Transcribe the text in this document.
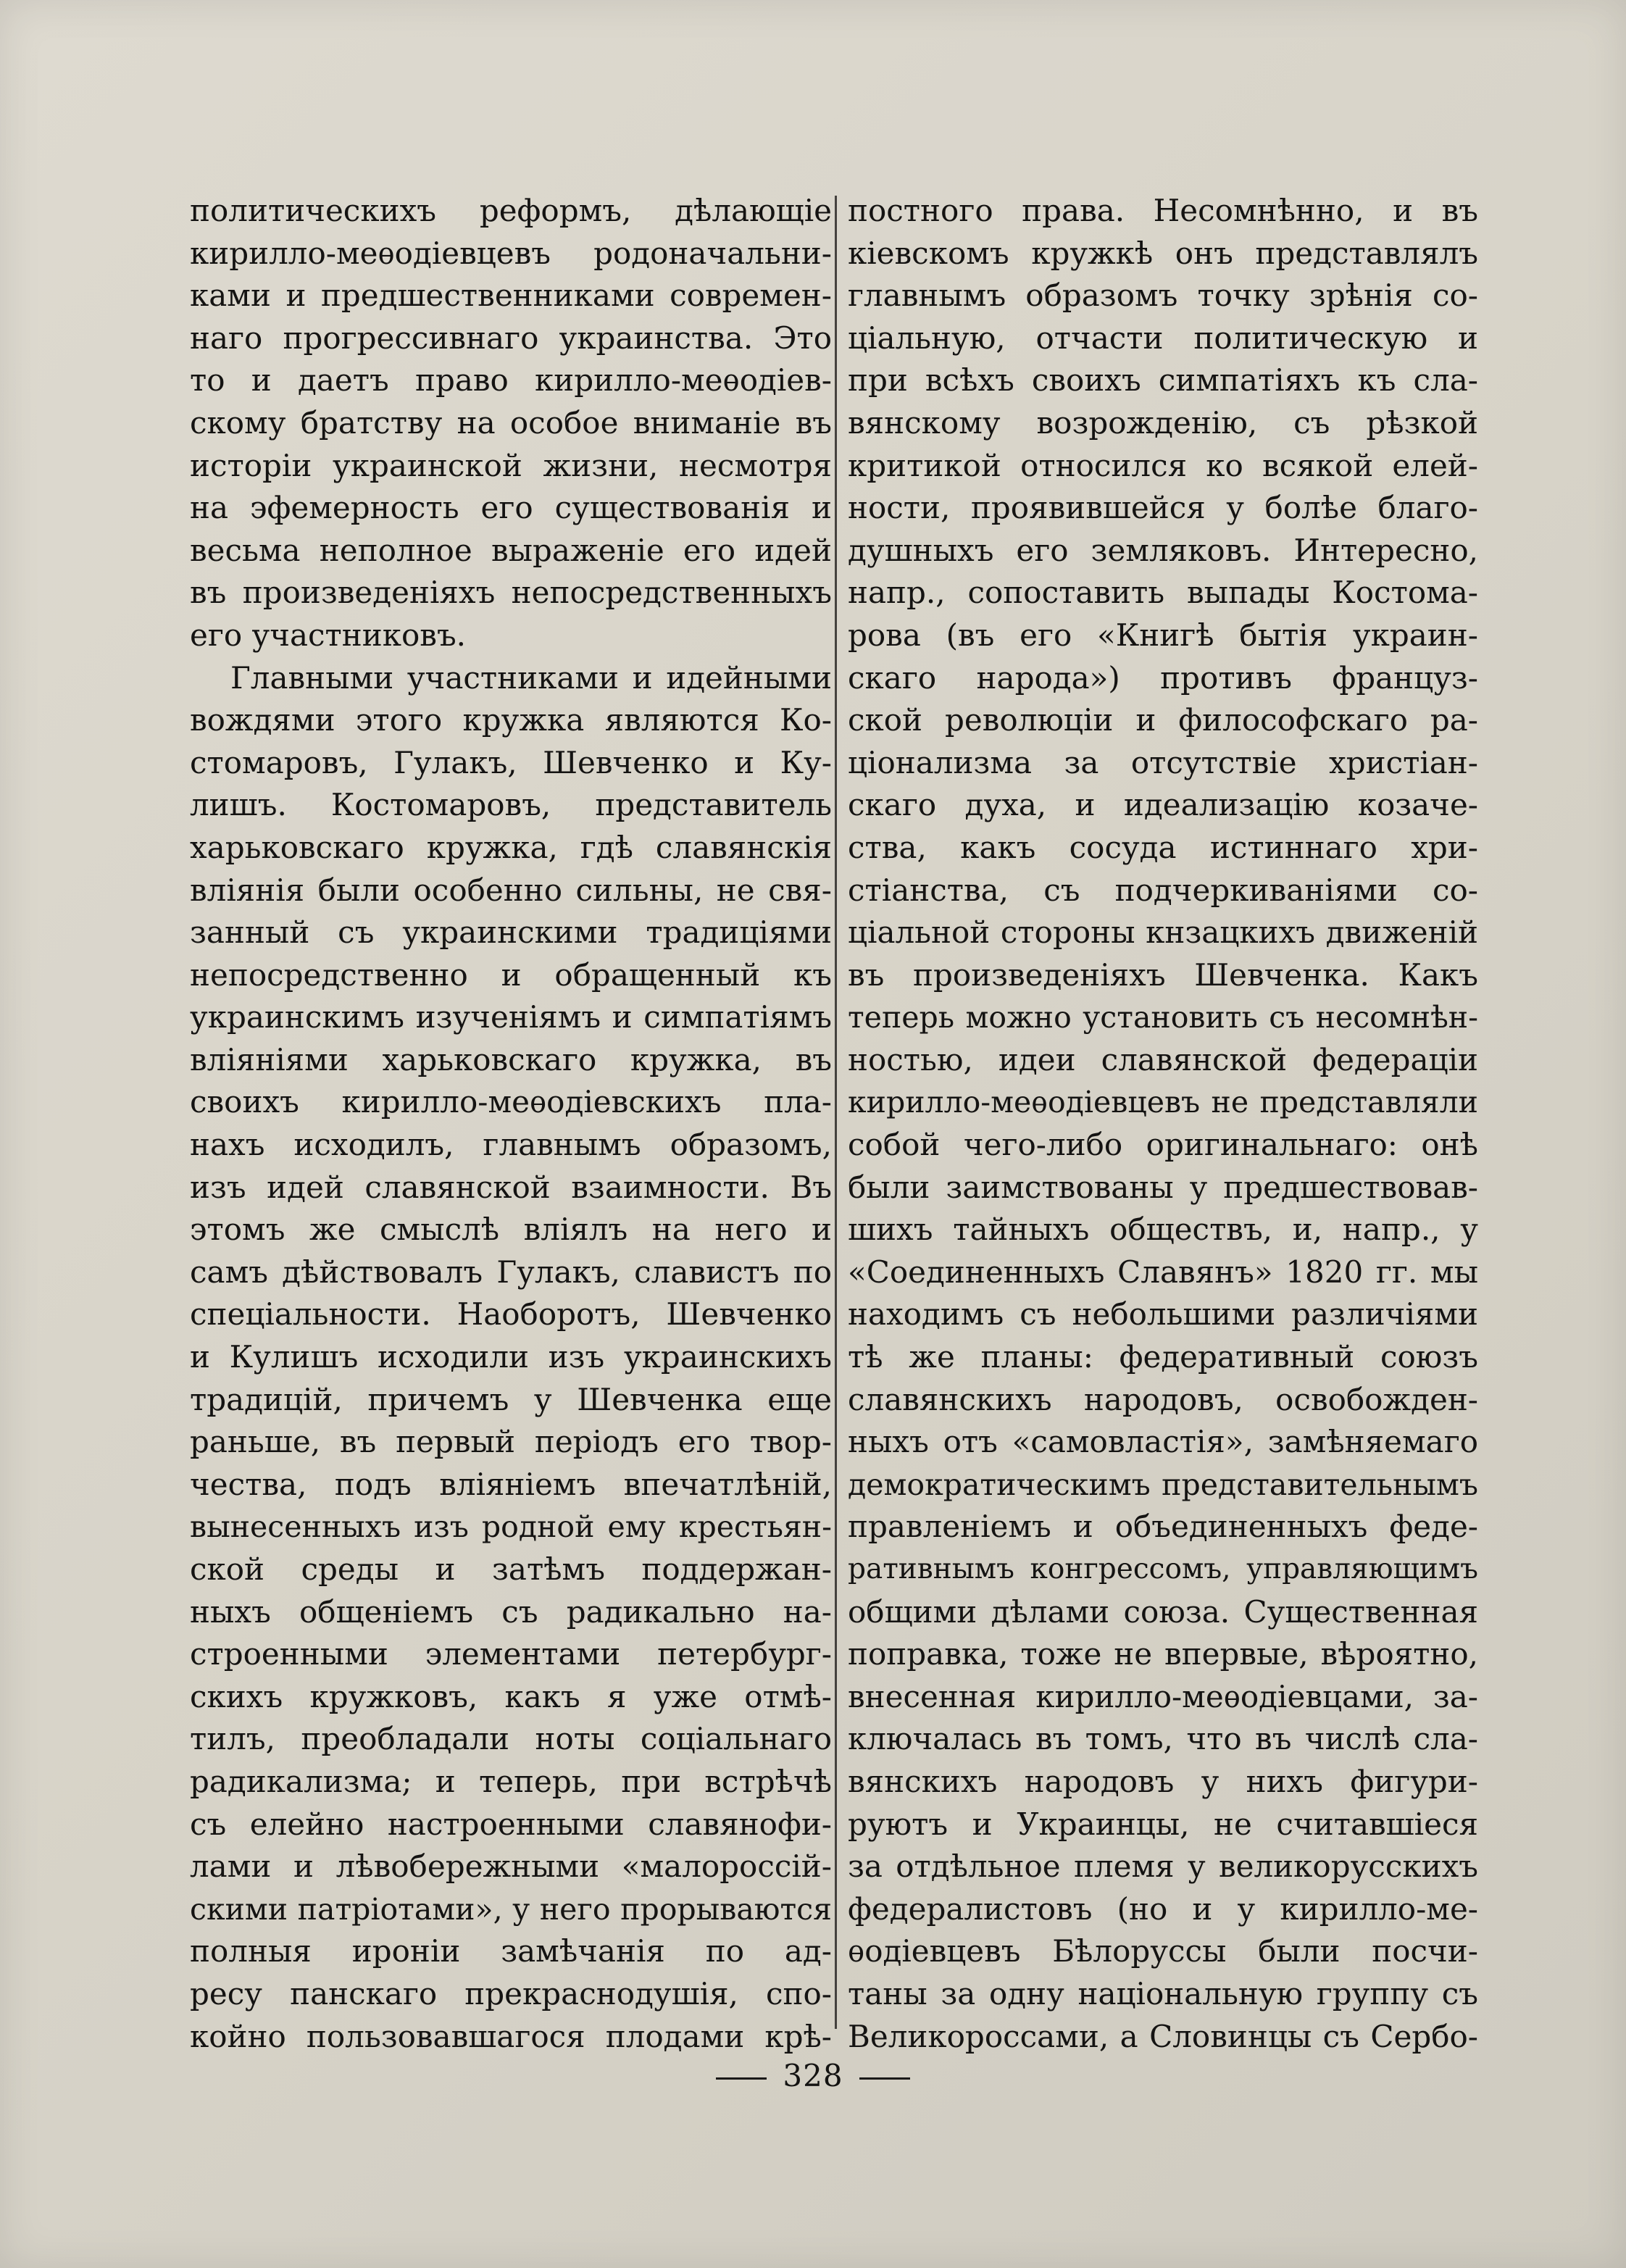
политическихъ реформъ, дѣлающіе
кирилло-меѳодіевцевъ родоначальни-
ками и предшественниками современ-
наго прогрессивнаго украинства. Это
то и даетъ право кирилло-меѳодіев-
скому братству на особое вниманіе въ
исторіи украинской жизни, несмотря
на эфемерность его существованія и
весьма неполное выраженіе его идей
въ произведеніяхъ непосредственныхъ
его участниковъ.

Главными участниками и идейными
вождями этого кружка являются Ко-
стомаровъ, Гулакъ, Шевченко и Ку-
лишъ. Костомаровъ, представитель
харьковскаго кружка, гдѣ славянскія
вліянія были особенно сильны, не свя-
занный съ украинскими традиціями
непосредственно и обращенный къ
украинскимъ изученіямъ и симпатіямъ
вліяніями харьковскаго кружка, въ
своихъ кирилло-меѳодіевскихъ пла-
нахъ исходилъ, главнымъ образомъ,
изъ идей славянской взаимности. Въ
этомъ же смыслѣ вліялъ на него и
самъ дѣйствовалъ Гулакъ, славистъ по
спеціальности. Наоборотъ, Шевченко
и Кулишъ исходили изъ украинскихъ
традицій, причемъ у Шевченка еще
раньше, въ первый періодъ его твор-
чества, подъ вліяніемъ впечатлѣній,
вынесенныхъ изъ родной ему крестьян-
ской среды и затѣмъ поддержан-
ныхъ общеніемъ съ радикально на-
строенными элементами петербург-
скихъ кружковъ, какъ я уже отмѣ-
тилъ, преобладали ноты соціальнаго
радикализма; и теперь, при встрѣчѣ
съ елейно настроенными славянофи-
лами и лѣвобережными «малороссій-
скими патріотами», у него прорываются
полныя ироніи замѣчанія по ад-
ресу панскаго прекраснодушія, спо-
койно пользовавшагося плодами крѣ-

постного права. Несомнѣнно, и въ
кіевскомъ кружкѣ онъ представлялъ
главнымъ образомъ точку зрѣнія со-
ціальную, отчасти политическую и
при всѣхъ своихъ симпатіяхъ къ сла-
вянскому возрожденію, съ рѣзкой
критикой относился ко всякой елей-
ности, проявившейся у болѣе благо-
душныхъ его земляковъ. Интересно,
напр., сопоставить выпады Костома-
рова (въ его «Книгѣ бытія украин-
скаго народа») противъ француз-
ской революціи и философскаго ра-
ціонализма за отсутствіе христіан-
скаго духа, и идеализацію козаче-
ства, какъ сосуда истиннаго хри-
стіанства, съ подчеркиваніями со-
ціальной стороны кнзацкихъ движеній
въ произведеніяхъ Шевченка. Какъ
теперь можно установить съ несомнѣн-
ностью, идеи славянской федераціи
кирилло-меѳодіевцевъ не представляли
собой чего-либо оригинальнаго: онѣ
были заимствованы у предшествовав-
шихъ тайныхъ обществъ, и, напр., у
«Соединенныхъ Славянъ» 1820 гг. мы
находимъ съ небольшими различіями
тѣ же планы: федеративный союзъ
славянскихъ народовъ, освобожден-
ныхъ отъ «самовластія», замѣняемаго
демократическимъ представительнымъ
правленіемъ и объединенныхъ феде-
ративнымъ конгрессомъ, управляющимъ
общими дѣлами союза. Существенная
поправка, тоже не впервые, вѣроятно,
внесенная кирилло-меѳодіевцами, за-
ключалась въ томъ, что въ числѣ сла-
вянскихъ народовъ у нихъ фигури-
руютъ и Украинцы, не считавшіеся
за отдѣльное племя у великорусскихъ
федералистовъ (но и у кирилло-ме-
ѳодіевцевъ Бѣлоруссы были посчи-
таны за одну національную группу съ
Великороссами, а Словинцы съ Сербо-

328
